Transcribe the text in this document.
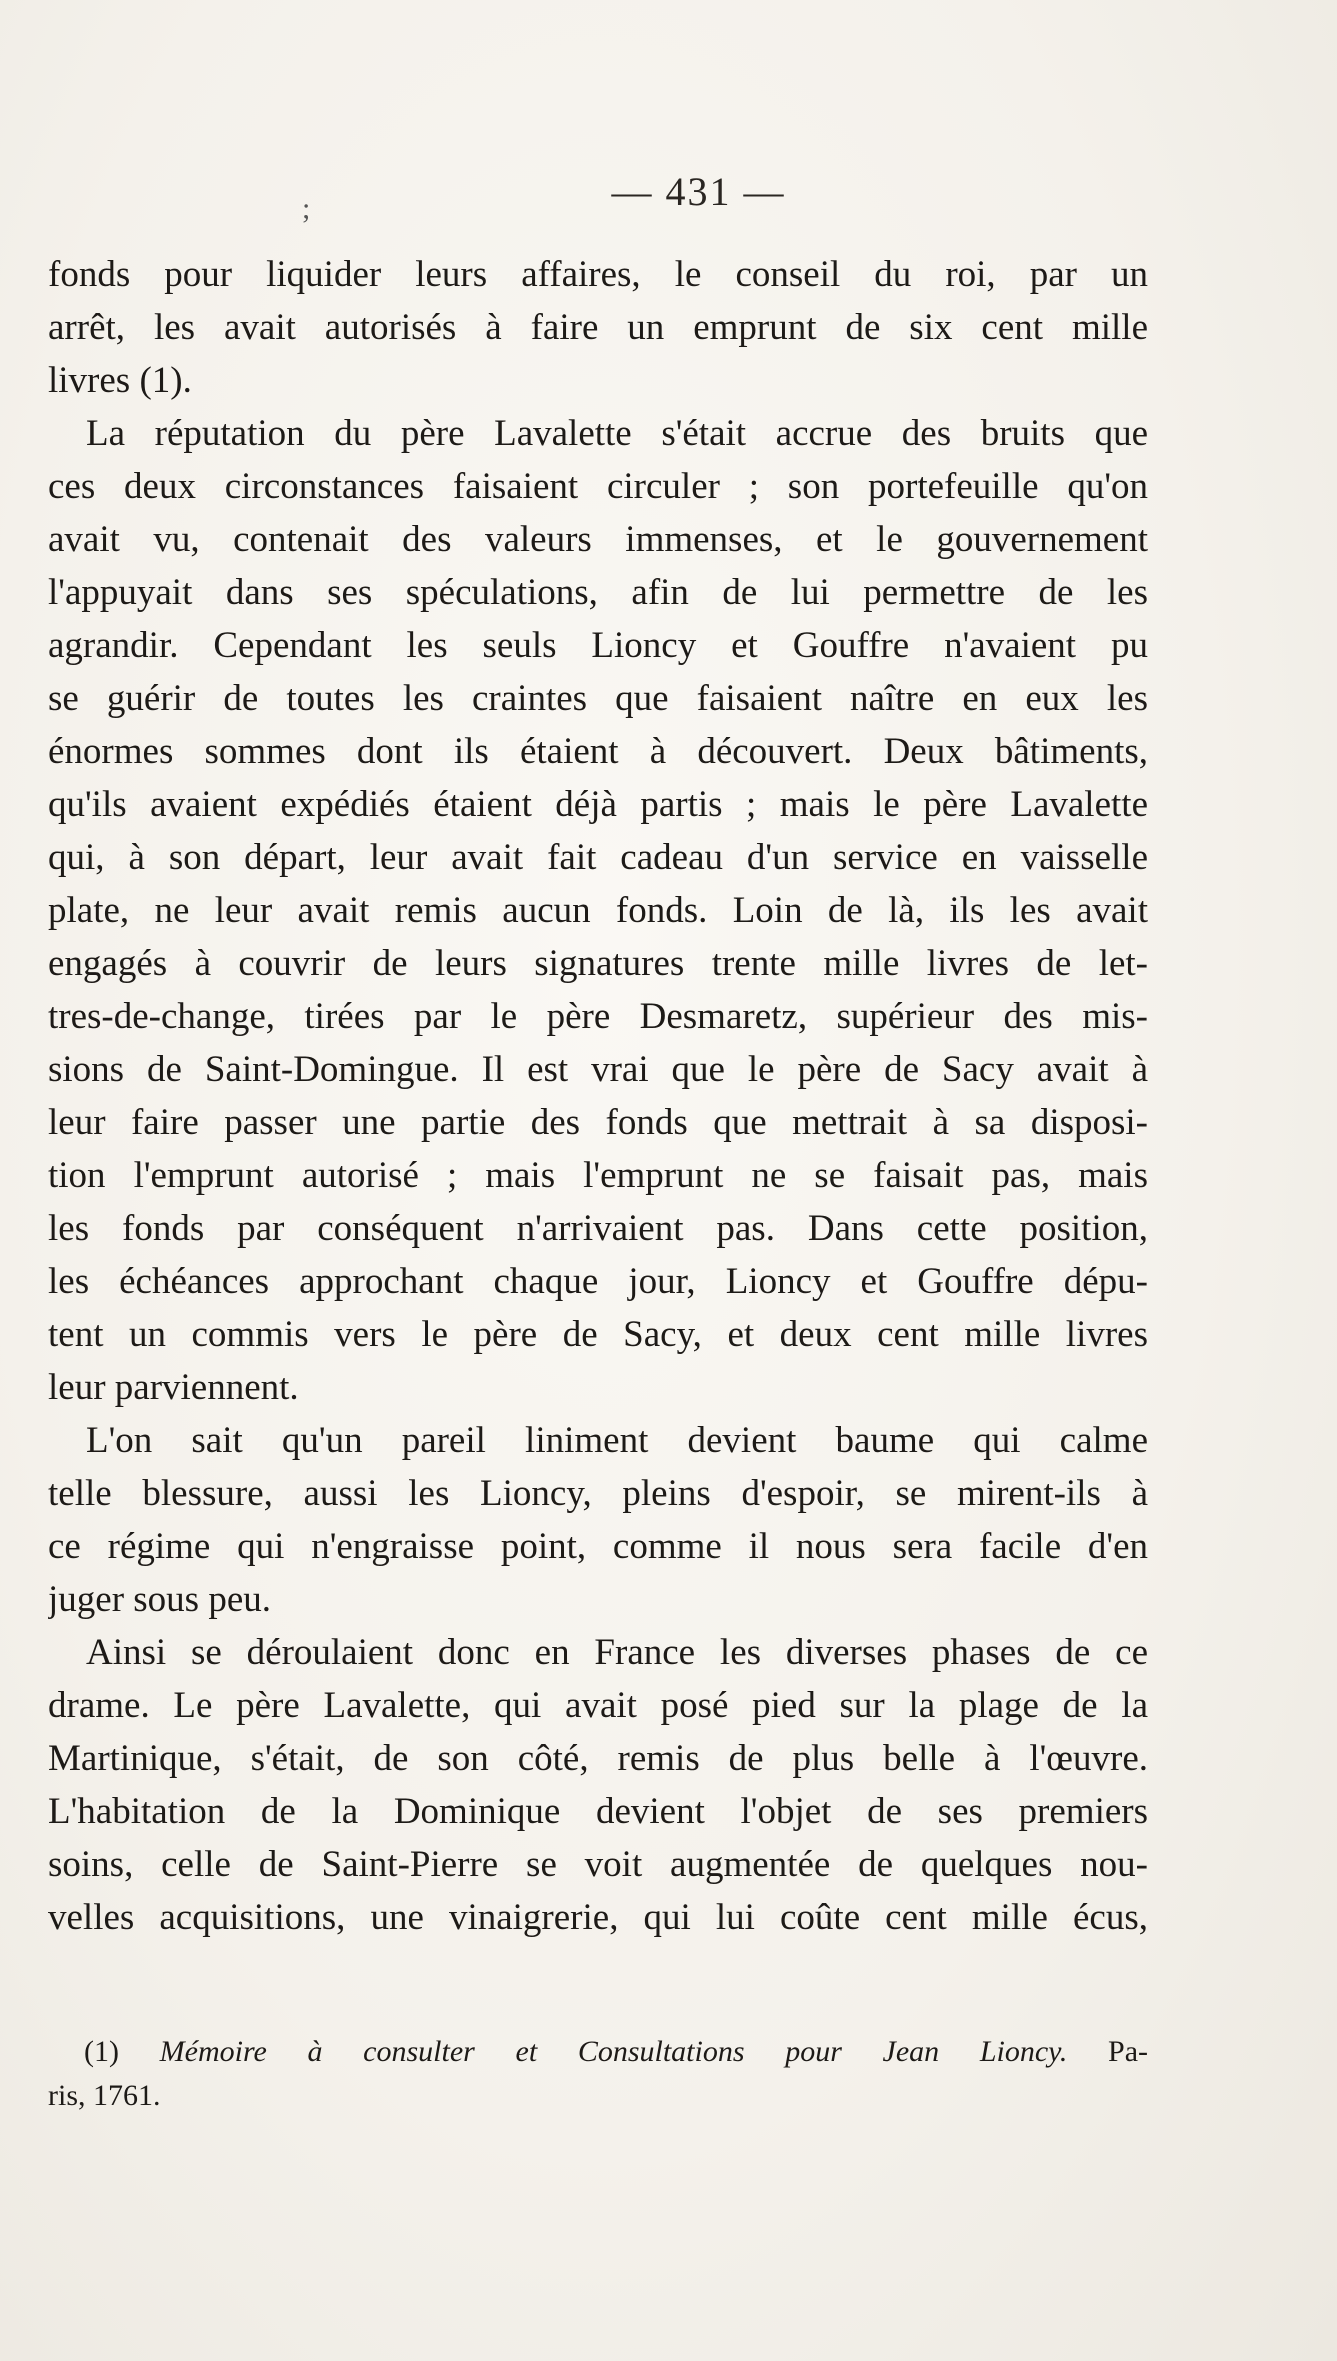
;	— 431 —
fonds pour liquider leurs affaires, le conseil du roi, par un
arrêt, les avait autorisés à faire un emprunt de six cent mille
livres (1).
La réputation du père Lavalette s'était accrue des bruits que
ces deux circonstances faisaient circuler ; son portefeuille qu'on
avait vu, contenait des valeurs immenses, et le gouvernement
l'appuyait dans ses spéculations, afin de lui permettre de les
agrandir. Cependant les seuls Lioncy et Gouffre n'avaient pu
se guérir de toutes les craintes que faisaient naître en eux les
énormes sommes dont ils étaient à découvert. Deux bâtiments,
qu'ils avaient expédiés étaient déjà partis ; mais le père Lavalette
qui, à son départ, leur avait fait cadeau d'un service en vaisselle
plate, ne leur avait remis aucun fonds. Loin de là, ils les avait
engagés à couvrir de leurs signatures trente mille livres de let-
tres-de-change, tirées par le père Desmaretz, supérieur des mis-
sions de Saint-Domingue. Il est vrai que le père de Sacy avait à
leur faire passer une partie des fonds que mettrait à sa disposi-
tion l'emprunt autorisé ; mais l'emprunt ne se faisait pas, mais
les fonds par conséquent n'arrivaient pas. Dans cette position,
les échéances approchant chaque jour, Lioncy et Gouffre dépu-
tent un commis vers le père de Sacy, et deux cent mille livres
leur parviennent.
L'on sait qu'un pareil liniment devient baume qui calme
telle blessure, aussi les Lioncy, pleins d'espoir, se mirent-ils à
ce régime qui n'engraisse point, comme il nous sera facile d'en
juger sous peu.
Ainsi se déroulaient donc en France les diverses phases de ce
drame. Le père Lavalette, qui avait posé pied sur la plage de la
Martinique, s'était, de son côté, remis de plus belle à l'œuvre.
L'habitation de la Dominique devient l'objet de ses premiers
soins, celle de Saint-Pierre se voit augmentée de quelques nou-
velles acquisitions, une vinaigrerie, qui lui coûte cent mille écus,
(1) Mémoire à consulter et Consultations pour Jean Lioncy. Pa-
ris, 1761.
